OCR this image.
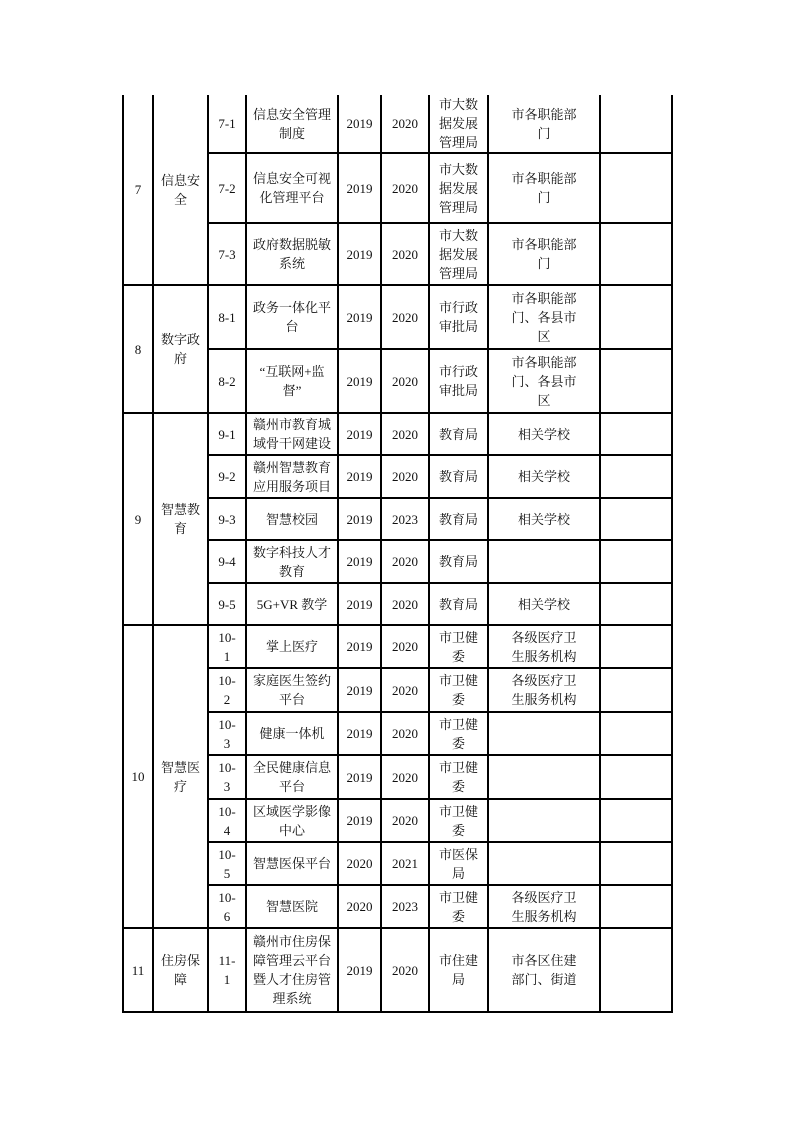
7	信息安全	7-1	信息安全管理制度	2019	2020	市大数据发展管理局	市各职能部门	
		7-2	信息安全可视化管理平台	2019	2020	市大数据发展管理局	市各职能部门	
		7-3	政府数据脱敏系统	2019	2020	市大数据发展管理局	市各职能部门	
8	数字政府	8-1	政务一体化平台	2019	2020	市行政审批局	市各职能部门、各县市区	
		8-2	“互联网+监督”	2019	2020	市行政审批局	市各职能部门、各县市区	
9	智慧教育	9-1	赣州市教育城域骨干网建设	2019	2020	教育局	相关学校	
		9-2	赣州智慧教育应用服务项目	2019	2020	教育局	相关学校	
		9-3	智慧校园	2019	2023	教育局	相关学校	
		9-4	数字科技人才教育	2019	2020	教育局		
		9-5	5G+VR 教学	2019	2020	教育局	相关学校	
10	智慧医疗	10-1	掌上医疗	2019	2020	市卫健委	各级医疗卫生服务机构	
		10-2	家庭医生签约平台	2019	2020	市卫健委	各级医疗卫生服务机构	
		10-3	健康一体机	2019	2020	市卫健委		
		10-3	全民健康信息平台	2019	2020	市卫健委		
		10-4	区域医学影像中心	2019	2020	市卫健委		
		10-5	智慧医保平台	2020	2021	市医保局		
		10-6	智慧医院	2020	2023	市卫健委	各级医疗卫生服务机构	
11	住房保障	11-1	赣州市住房保障管理云平台暨人才住房管理系统	2019	2020	市住建局	市各区住建部门、街道	
